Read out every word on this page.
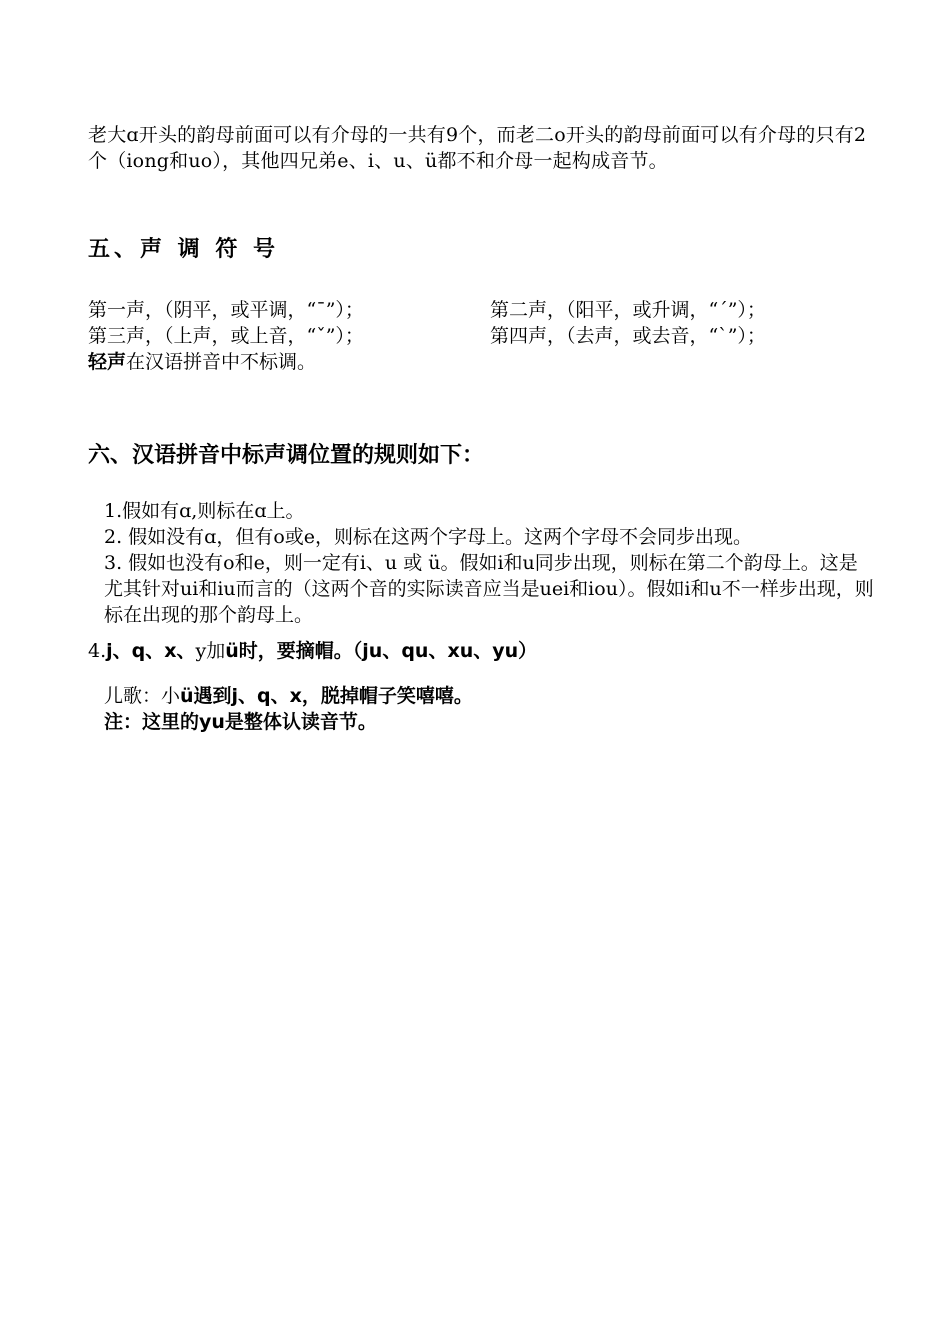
老大ɑ开头的韵母前面可以有介母的一共有9个，而老二o开头的韵母前面可以有介母的只有2个（iong和uo），其他四兄弟e、i、u、ü都不和介母一起构成音节。
五、声 调 符 号
第一声，（阴平，或平调，“ˉ”）；	第二声，（阳平，或升调，“ˊ”）；
第三声，（上声，或上音，“ˇ”）；	第四声，（去声，或去音，“ˋ”）；
轻声在汉语拼音中不标调。
六、汉语拼音中标声调位置的规则如下：

1.假如有ɑ,则标在ɑ上。

2. 假如没有ɑ，但有o或e，则标在这两个字母上。这两个字母不会同步出现。

3. 假如也没有o和e，则一定有i、u 或 ü。假如i和u同步出现，则标在第二个韵母上。这是尤其针对ui和iu而言的（这两个音的实际读音应当是uei和iou）。假如i和u不一样步出现，则标在出现的那个韵母上。

4.j、q、x、y加ü时，要摘帽。（ju、qu、xu、yu）

儿歌：小ü遇到j、q、x，脱掉帽子笑嘻嘻。

注：这里的yu是整体认读音节。
